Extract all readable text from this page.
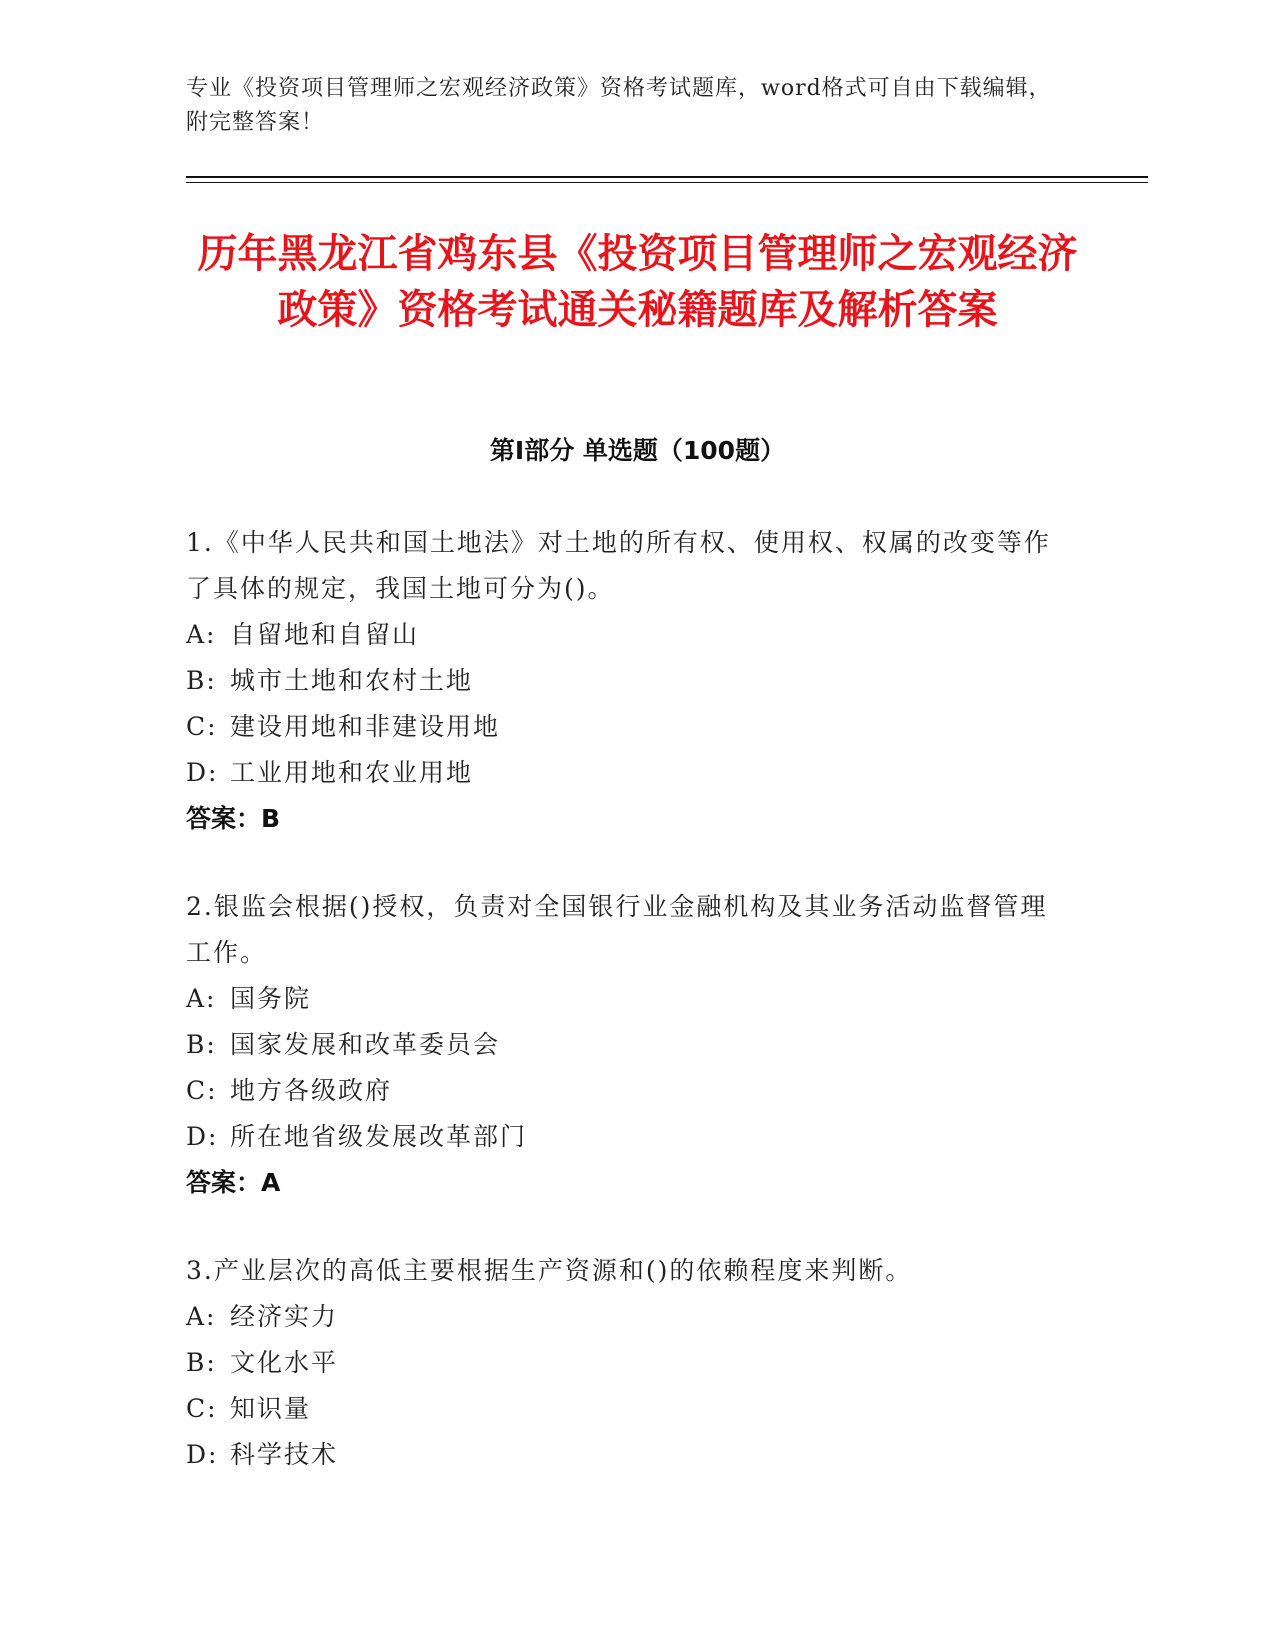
专业《投资项目管理师之宏观经济政策》资格考试题库，word格式可自由下载编辑，附完整答案！
历年黑龙江省鸡东县《投资项目管理师之宏观经济政策》资格考试通关秘籍题库及解析答案
第I部分 单选题（100题）
1.《中华人民共和国土地法》对土地的所有权、使用权、权属的改变等作了具体的规定，我国土地可分为()。
A: 自留地和自留山
B: 城市土地和农村土地
C: 建设用地和非建设用地
D: 工业用地和农业用地
答案：B
2.银监会根据()授权，负责对全国银行业金融机构及其业务活动监督管理工作。
A: 国务院
B: 国家发展和改革委员会
C: 地方各级政府
D: 所在地省级发展改革部门
答案：A
3.产业层次的高低主要根据生产资源和()的依赖程度来判断。
A: 经济实力
B: 文化水平
C: 知识量
D: 科学技术
